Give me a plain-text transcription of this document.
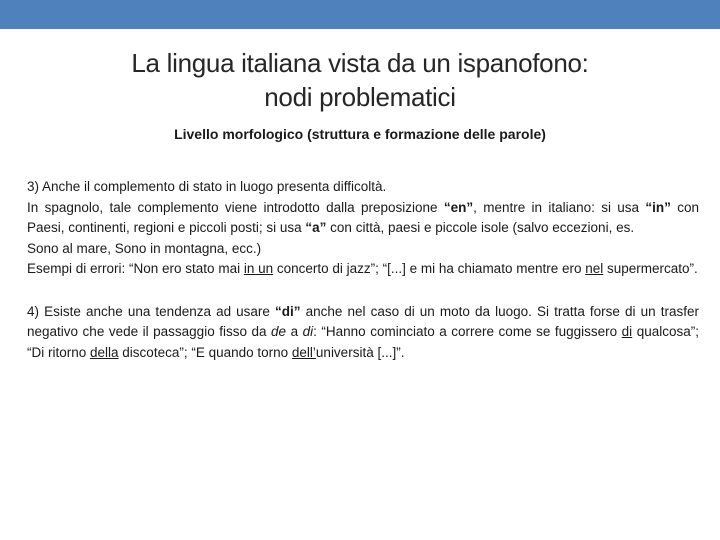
La lingua italiana vista da un ispanofono:
nodi problematici
Livello morfologico (struttura e formazione delle parole)

3) Anche il complemento di stato in luogo presenta difficoltà.

In spagnolo, tale complemento viene introdotto dalla preposizione “en”, mentre in italiano: si usa “in” con Paesi, continenti, regioni e piccoli posti; si usa “a” con città, paesi e piccole isole (salvo eccezioni, es.

Sono al mare, Sono in montagna, ecc.)

Esempi di errori: “Non ero stato mai in un concerto di jazz”; “[...] e mi ha chiamato mentre ero nel supermercato”.

4) Esiste anche una tendenza ad usare “di” anche nel caso di un moto da luogo. Si tratta forse di un trasfer negativo che vede il passaggio fisso da de a di: “Hanno cominciato a correre come se fuggissero di qualcosa”; “Di ritorno della discoteca”; “E quando torno dell’università [...]”.
